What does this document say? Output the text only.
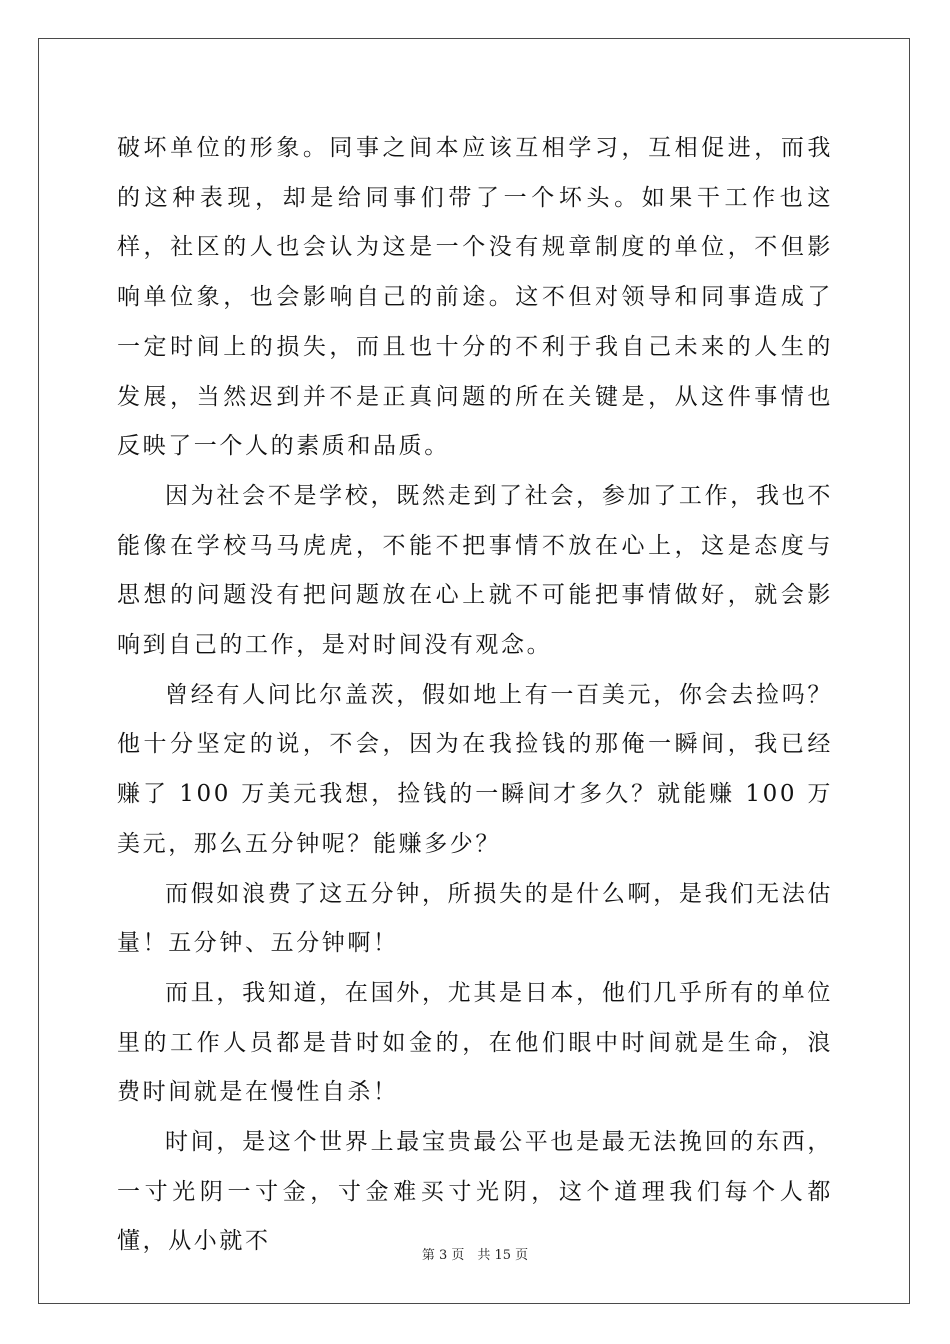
破坏单位的形象。同事之间本应该互相学习，互相促进，而我的这种表现，却是给同事们带了一个坏头。如果干工作也这样，社区的人也会认为这是一个没有规章制度的单位，不但影响单位象，也会影响自己的前途。这不但对领导和同事造成了一定时间上的损失，而且也十分的不利于我自己未来的人生的发展，当然迟到并不是正真问题的所在关键是，从这件事情也反映了一个人的素质和品质。

因为社会不是学校，既然走到了社会，参加了工作，我也不能像在学校马马虎虎，不能不把事情不放在心上，这是态度与思想的问题没有把问题放在心上就不可能把事情做好，就会影响到自己的工作，是对时间没有观念。

曾经有人问比尔盖茨，假如地上有一百美元，你会去捡吗？他十分坚定的说，不会，因为在我捡钱的那俺一瞬间，我已经赚了 100 万美元我想，捡钱的一瞬间才多久？就能赚 100 万美元，那么五分钟呢？能赚多少？

而假如浪费了这五分钟，所损失的是什么啊，是我们无法估量！五分钟、五分钟啊！

而且，我知道，在国外，尤其是日本，他们几乎所有的单位里的工作人员都是昔时如金的，在他们眼中时间就是生命，浪费时间就是在慢性自杀！

时间，是这个世界上最宝贵最公平也是最无法挽回的东西，一寸光阴一寸金，寸金难买寸光阴，这个道理我们每个人都懂，从小就不

第 3 页　共 15 页
